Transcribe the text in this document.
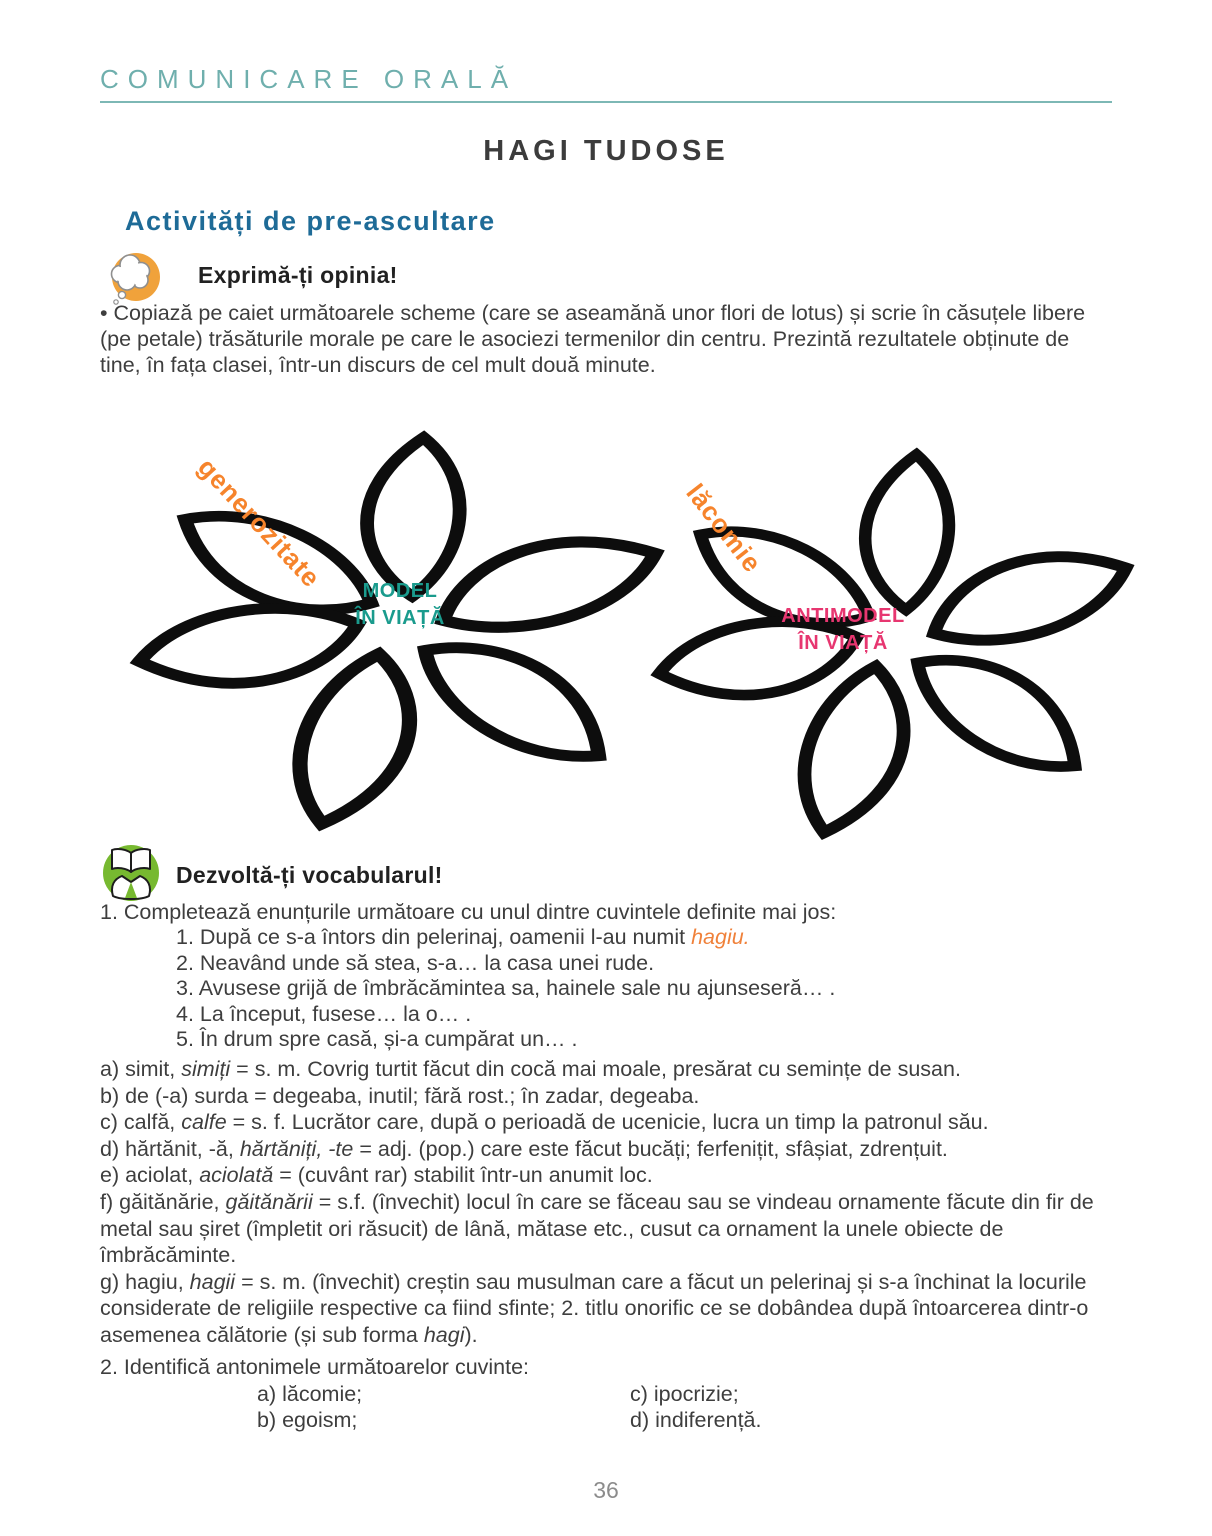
COMUNICARE ORALĂ
HAGI TUDOSE
Activități de pre-ascultare
Exprimă-ți opinia!
• Copiază pe caiet următoarele scheme (care se aseamănă unor flori de lotus) și scrie în căsuțele libere (pe petale) trăsăturile morale pe care le asociezi termenilor din centru. Prezintă rezultatele obținute de tine, în fața clasei, într-un discurs de cel mult două minute.
generozitate	MODEL
ÎN VIAȚĂ
lăcomie
ANTIMODEL
ÎN VIAȚĂ
Dezvoltă-ți vocabularul!
1. Completează enunțurile următoare cu unul dintre cuvintele definite mai jos:
1. După ce s-a întors din pelerinaj, oamenii l-au numit hagiu.
2. Neavând unde să stea, s-a… la casa unei rude.
3. Avusese grijă de îmbrăcămintea sa, hainele sale nu ajunseseră… .
4. La început, fusese… la o… .
5. În drum spre casă, și-a cumpărat un… .
a) simit, simiți = s. m. Covrig turtit făcut din cocă mai moale, presărat cu semințe de susan.
b) de (-a) surda = degeaba, inutil; fără rost.; în zadar, degeaba.
c) calfă, calfe = s. f. Lucrător care, după o perioadă de ucenicie, lucra un timp la patronul său.
d) hărtănit, -ă, hărtăniți, -te = adj. (pop.) care este făcut bucăți; ferfenițit, sfâșiat, zdrențuit.
e) aciolat, aciolată = (cuvânt rar) stabilit într-un anumit loc.
f) găitănărie, găitănării = s.f. (învechit) locul în care se făceau sau se vindeau ornamente făcute din fir de metal sau șiret (împletit ori răsucit) de lână, mătase etc., cusut ca ornament la unele obiecte de îmbrăcăminte.
g) hagiu, hagii = s. m. (învechit) creștin sau musulman care a făcut un pelerinaj și s-a închinat la locurile considerate de religiile respective ca fiind sfinte; 2. titlu onorific ce se dobândea după întoarcerea dintr-o asemenea călătorie (și sub forma hagi).
2. Identifică antonimele următoarelor cuvinte:
a) lăcomie;
b) egoism;
c) ipocrizie;
d) indiferență.
36
